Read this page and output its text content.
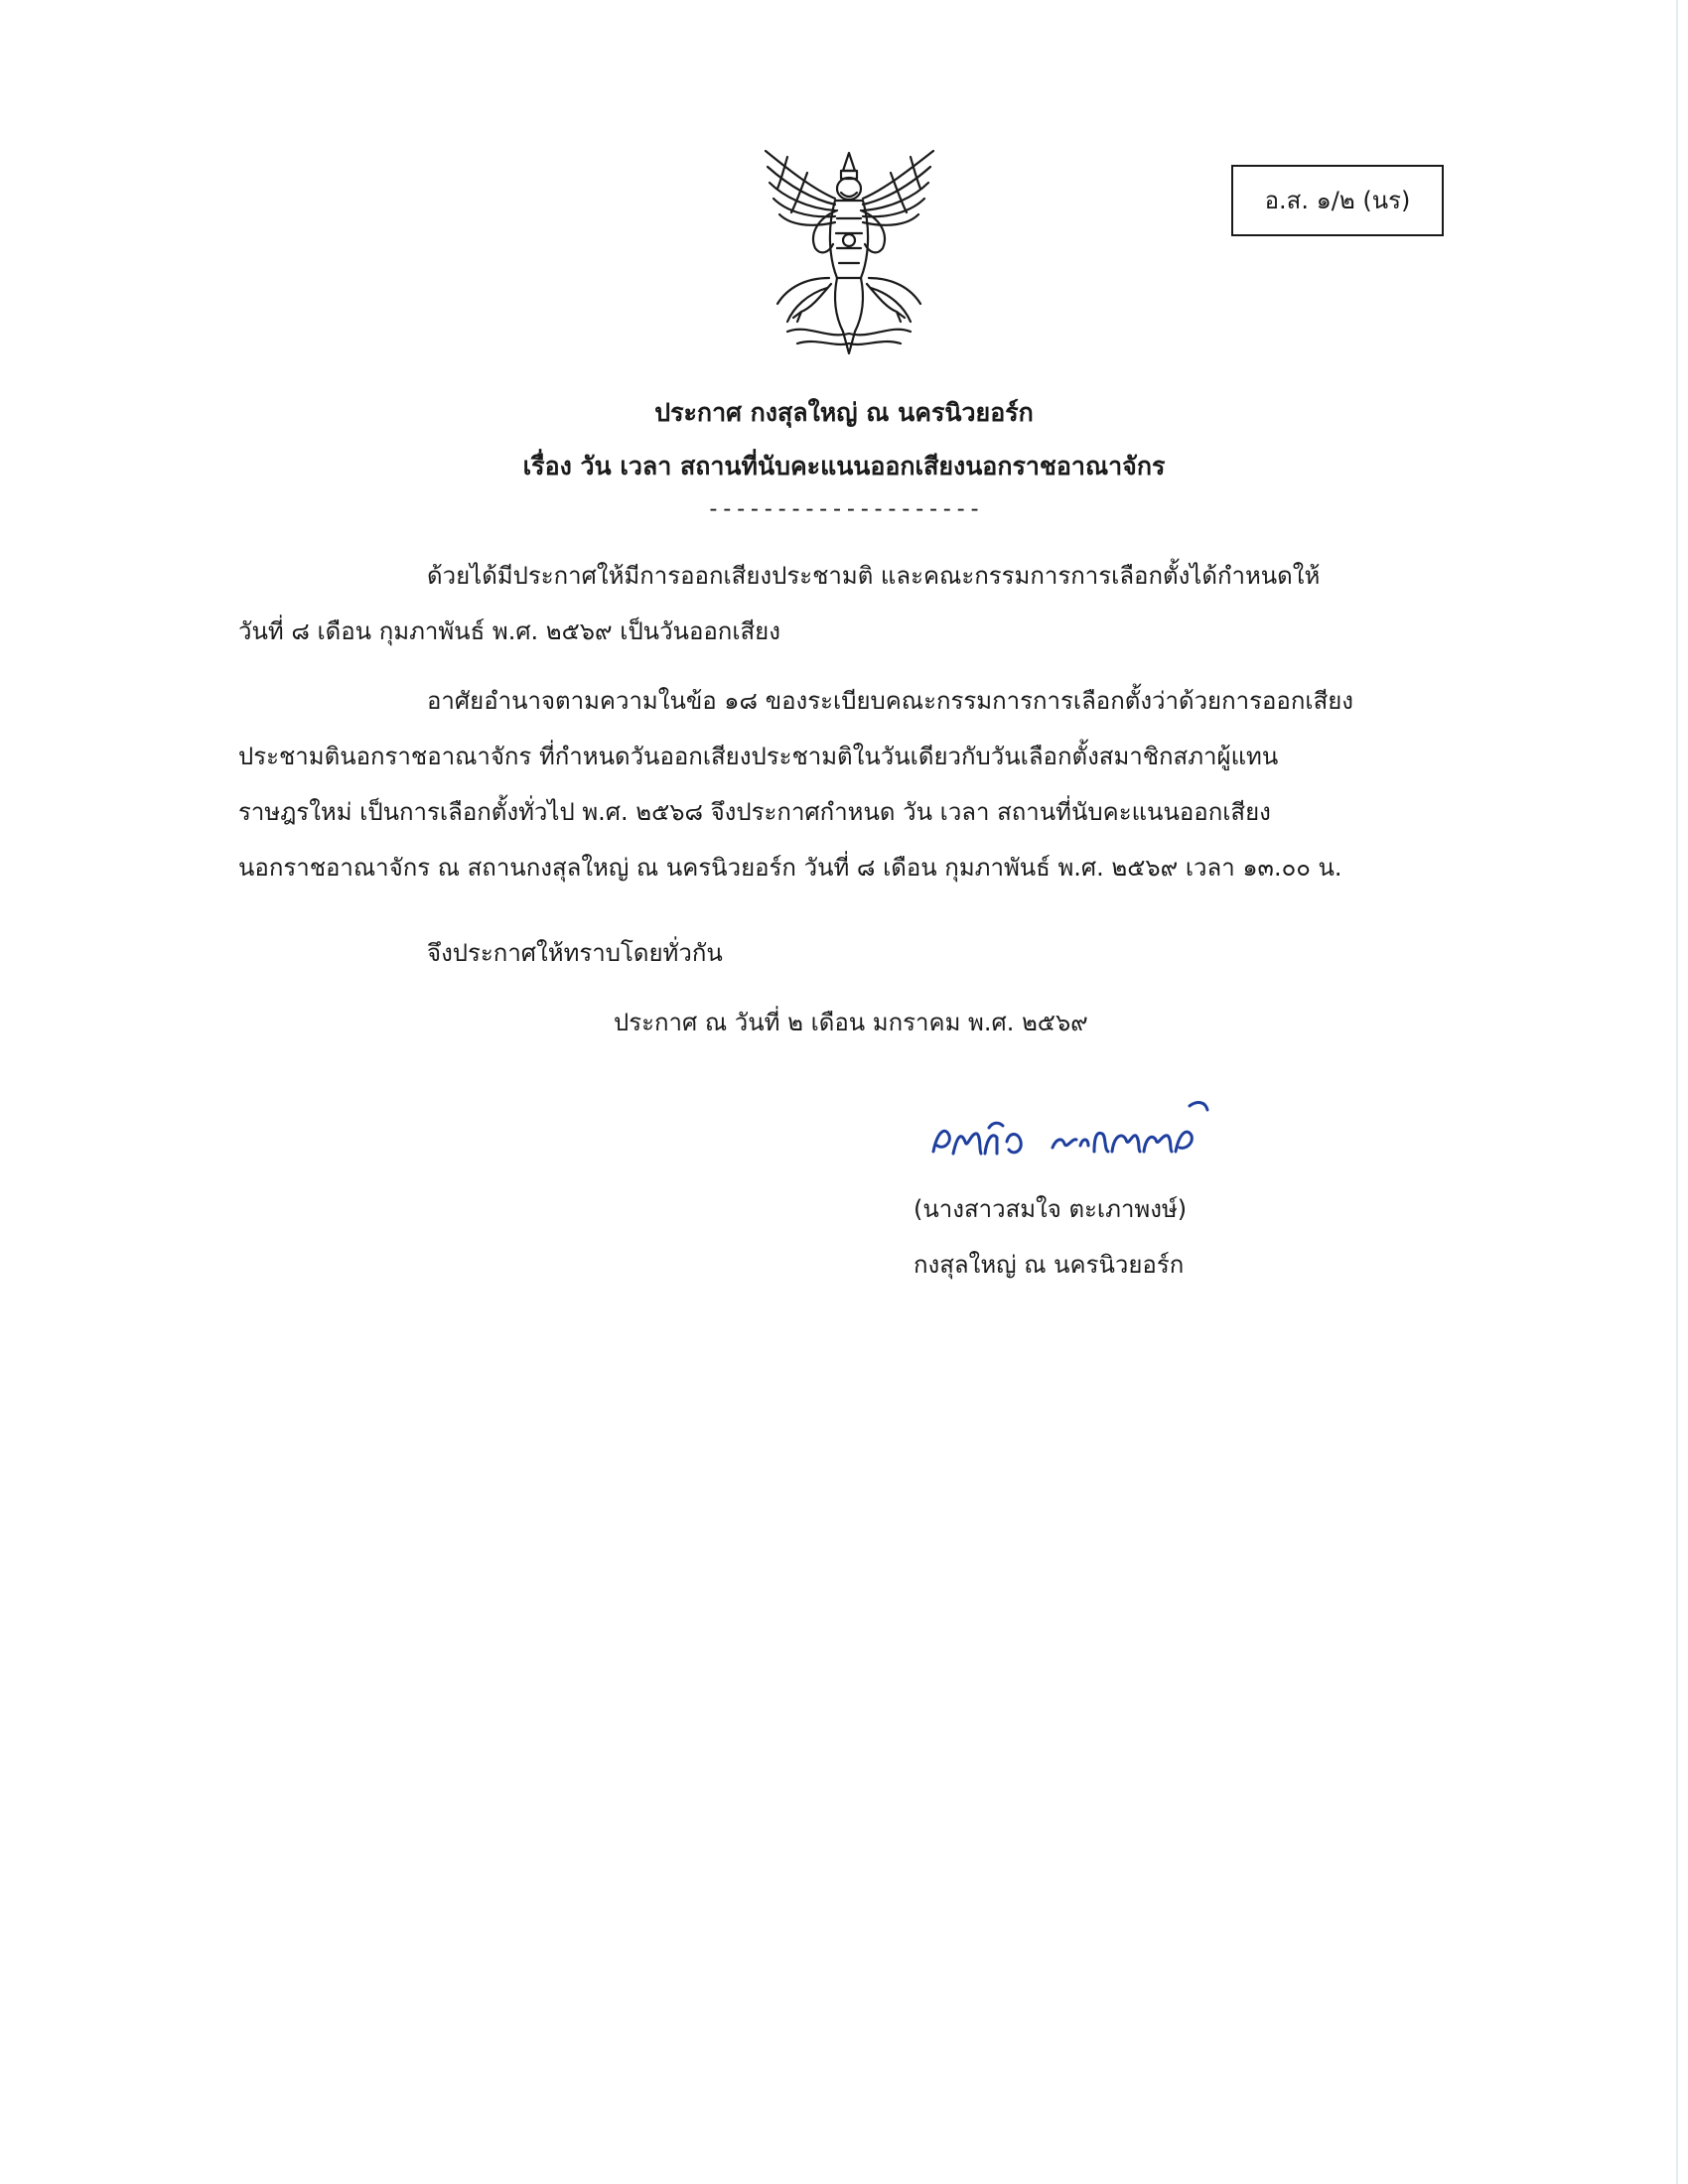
อ.ส. ๑/๒ (นร)
ประกาศ กงสุลใหญ่ ณ นครนิวยอร์ก
เรื่อง วัน เวลา สถานที่นับคะแนนออกเสียงนอกราชอาณาจักร
--------------------
ด้วยได้มีประกาศให้มีการออกเสียงประชามติ และคณะกรรมการการเลือกตั้งได้กำหนดให้
วันที่ ๘ เดือน กุมภาพันธ์ พ.ศ. ๒๕๖๙ เป็นวันออกเสียง
อาศัยอำนาจตามความในข้อ ๑๘ ของระเบียบคณะกรรมการการเลือกตั้งว่าด้วยการออกเสียง
ประชามตินอกราชอาณาจักร ที่กำหนดวันออกเสียงประชามติในวันเดียวกับวันเลือกตั้งสมาชิกสภาผู้แทน
ราษฎรใหม่ เป็นการเลือกตั้งทั่วไป พ.ศ. ๒๕๖๘ จึงประกาศกำหนด วัน เวลา สถานที่นับคะแนนออกเสียง
นอกราชอาณาจักร ณ สถานกงสุลใหญ่ ณ นครนิวยอร์ก วันที่ ๘ เดือน กุมภาพันธ์ พ.ศ. ๒๕๖๙ เวลา ๑๓.๐๐ น.
จึงประกาศให้ทราบโดยทั่วกัน
ประกาศ ณ วันที่ ๒ เดือน มกราคม พ.ศ. ๒๕๖๙
สมใจ ตะเภาพงษ์
(นางสาวสมใจ ตะเภาพงษ์)
กงสุลใหญ่ ณ นครนิวยอร์ก
